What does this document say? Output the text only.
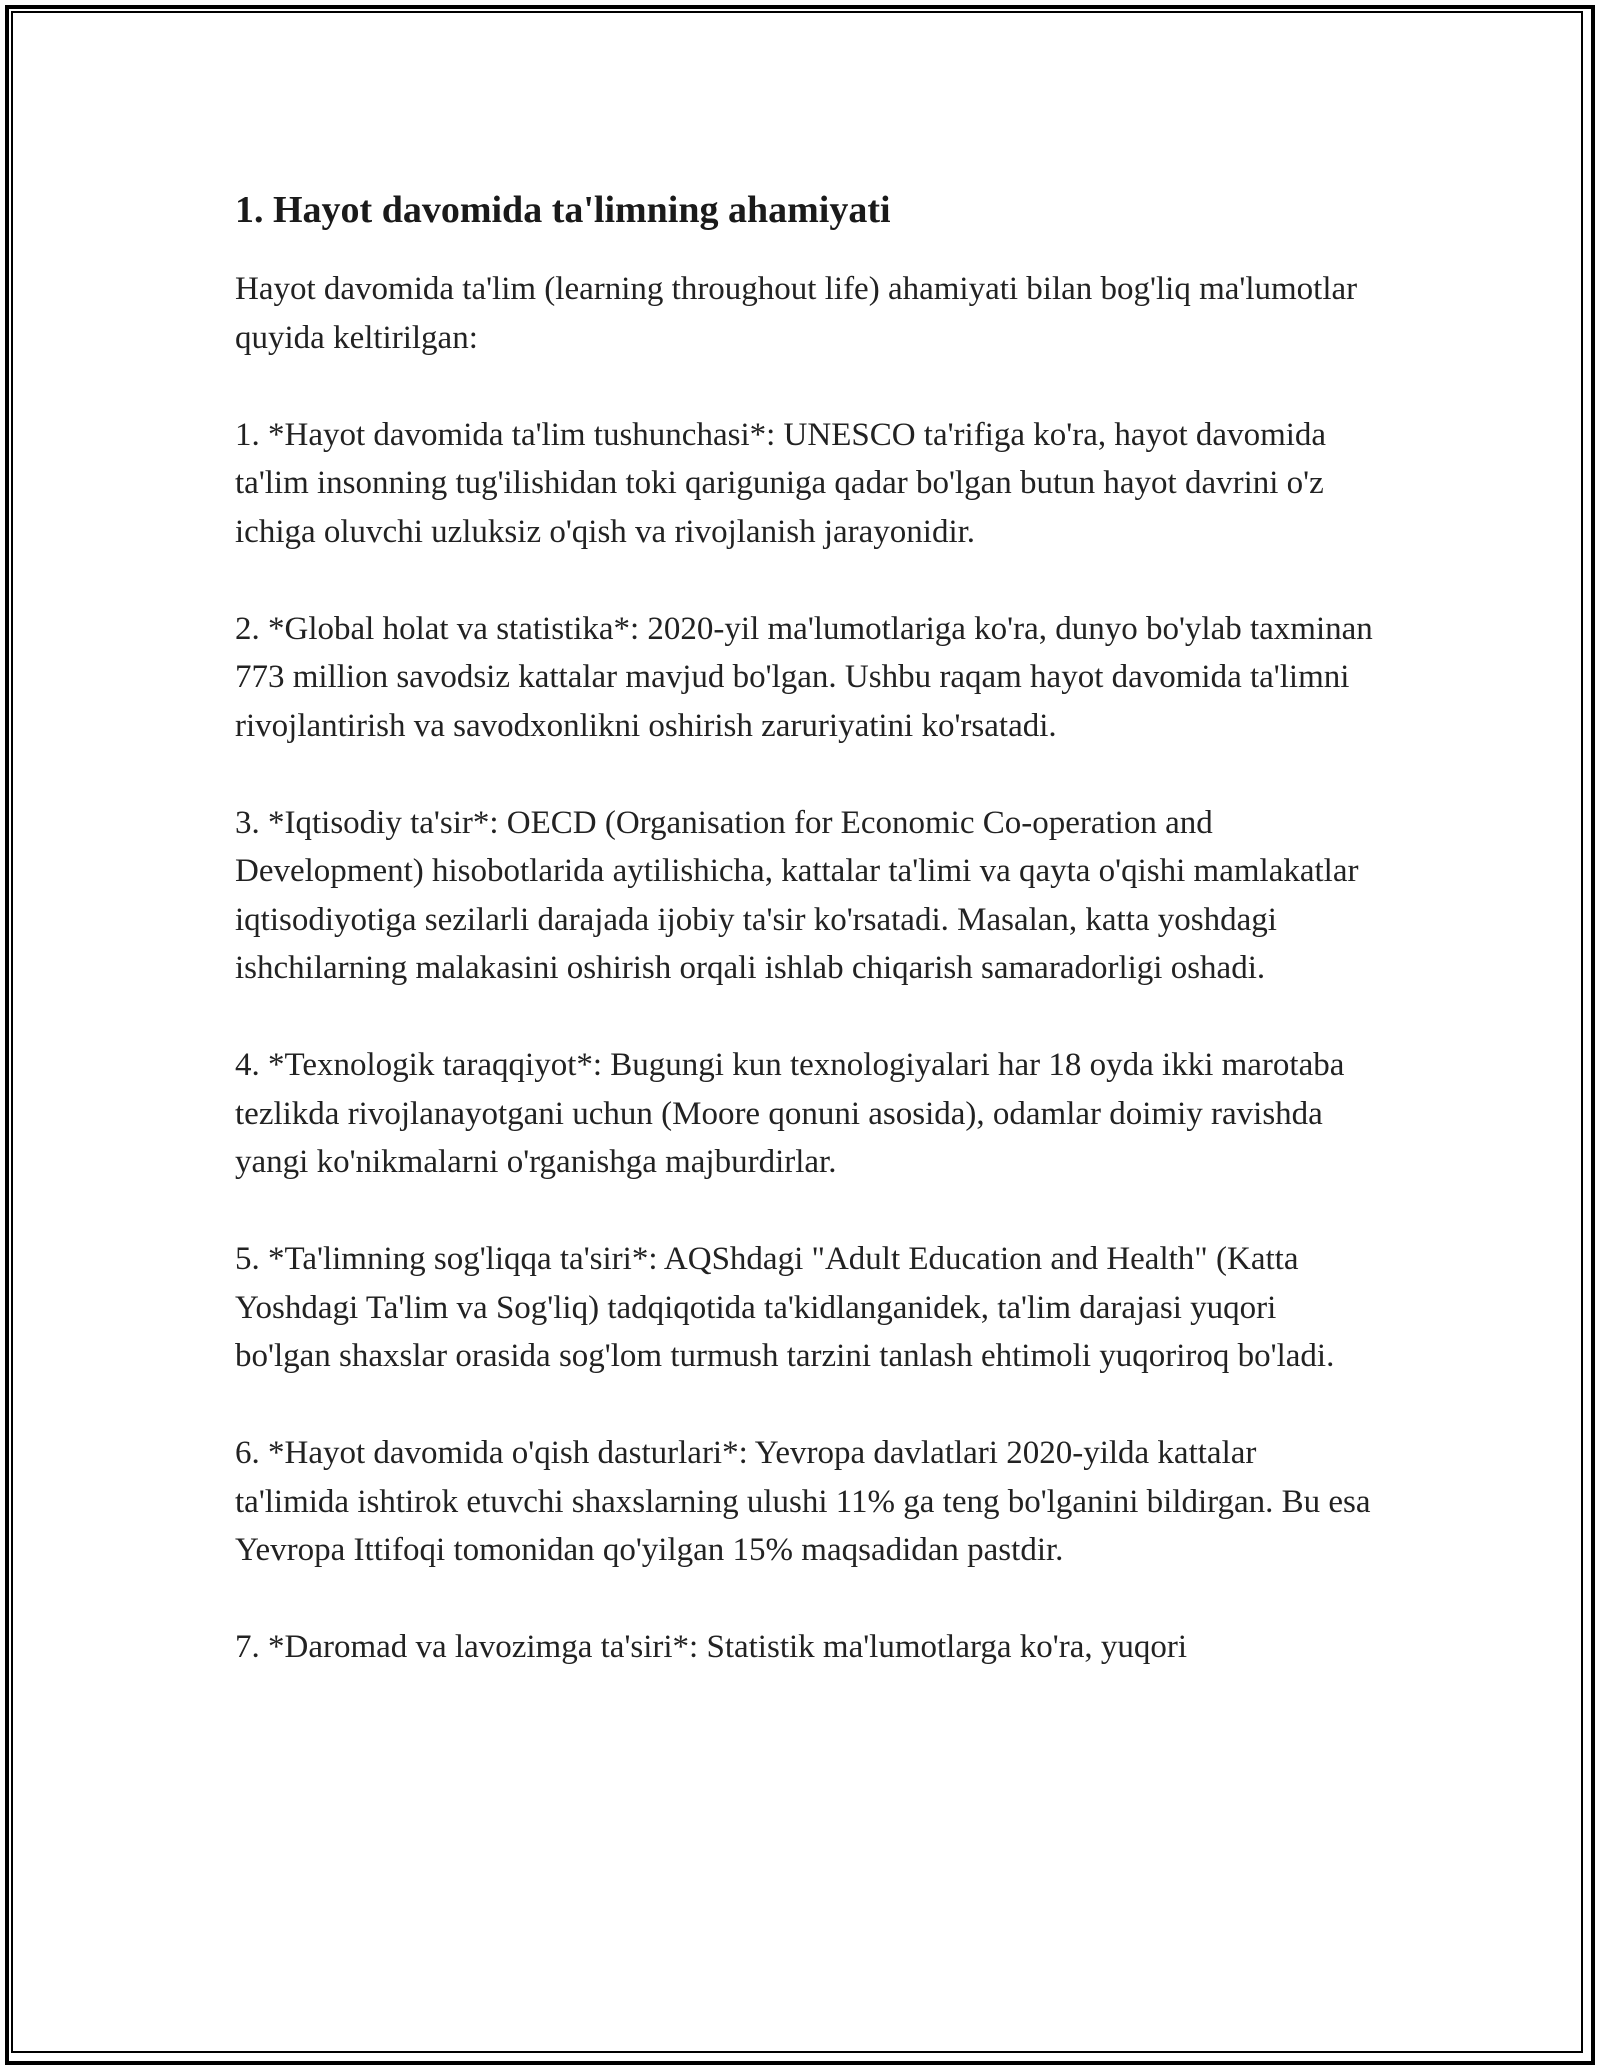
1. Hayot davomida ta'limning ahamiyati

Hayot davomida ta'lim (learning throughout life) ahamiyati bilan bog'liq ma'lumotlar quyida keltirilgan:

1. *Hayot davomida ta'lim tushunchasi*: UNESCO ta'rifiga ko'ra, hayot davomida ta'lim insonning tug'ilishidan toki qariguniga qadar bo'lgan butun hayot davrini o'z ichiga oluvchi uzluksiz o'qish va rivojlanish jarayonidir.

2. *Global holat va statistika*: 2020-yil ma'lumotlariga ko'ra, dunyo bo'ylab taxminan 773 million savodsiz kattalar mavjud bo'lgan. Ushbu raqam hayot davomida ta'limni rivojlantirish va savodxonlikni oshirish zaruriyatini ko'rsatadi.

3. *Iqtisodiy ta'sir*: OECD (Organisation for Economic Co-operation and Development) hisobotlarida aytilishicha, kattalar ta'limi va qayta o'qishi mamlakatlar iqtisodiyotiga sezilarli darajada ijobiy ta'sir ko'rsatadi. Masalan, katta yoshdagi ishchilarning malakasini oshirish orqali ishlab chiqarish samaradorligi oshadi.

4. *Texnologik taraqqiyot*: Bugungi kun texnologiyalari har 18 oyda ikki marotaba tezlikda rivojlanayotgani uchun (Moore qonuni asosida), odamlar doimiy ravishda yangi ko'nikmalarni o'rganishga majburdirlar.

5. *Ta'limning sog'liqqa ta'siri*: AQShdagi "Adult Education and Health" (Katta Yoshdagi Ta'lim va Sog'liq) tadqiqotida ta'kidlanganidek, ta'lim darajasi yuqori bo'lgan shaxslar orasida sog'lom turmush tarzini tanlash ehtimoli yuqoriroq bo'ladi.

6. *Hayot davomida o'qish dasturlari*: Yevropa davlatlari 2020-yilda kattalar ta'limida ishtirok etuvchi shaxslarning ulushi 11% ga teng bo'lganini bildirgan. Bu esa Yevropa Ittifoqi tomonidan qo'yilgan 15% maqsadidan pastdir.

7. *Daromad va lavozimga ta'siri*: Statistik ma'lumotlarga ko'ra, yuqori
